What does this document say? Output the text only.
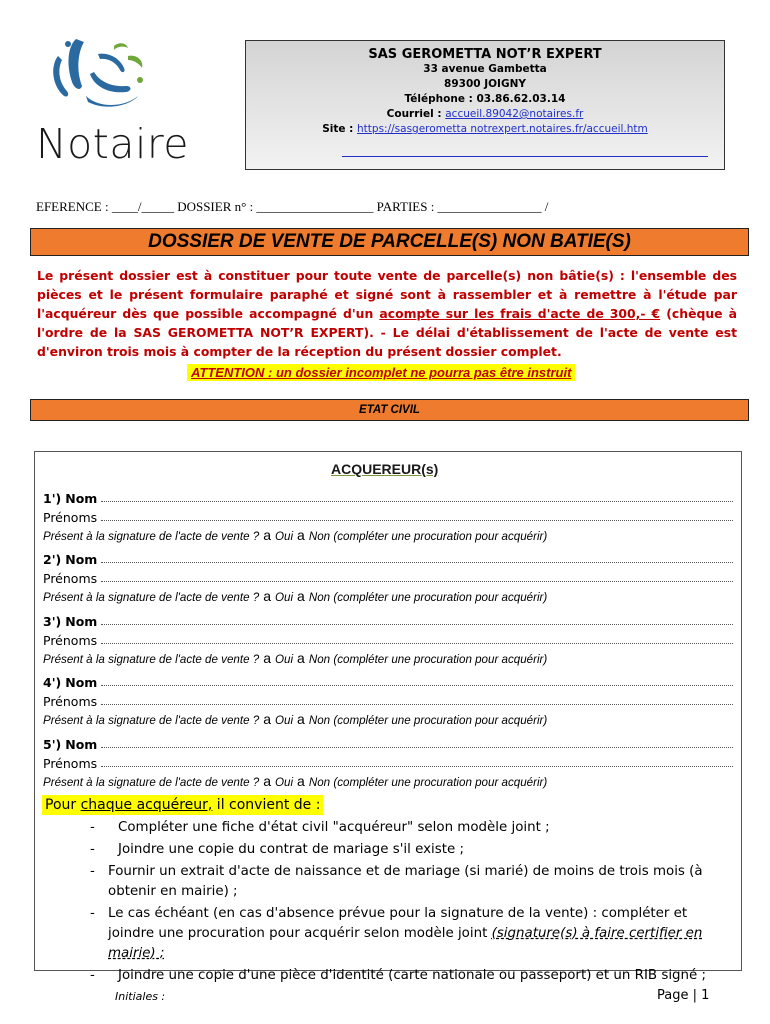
Notaire
SAS GEROMETTA NOT’R EXPERT
33 avenue Gambetta
89300 JOIGNY
Téléphone : 03.86.62.03.14
Courriel : accueil.89042@notaires.fr
Site : https://sasgerometta notrexpert.notaires.fr/accueil.htm
EFERENCE : ____/_____ DOSSIER n° : __________________ PARTIES : ________________ /
DOSSIER DE VENTE DE PARCELLE(S) NON BATIE(S)
Le présent dossier est à constituer pour toute vente de parcelle(s) non bâtie(s) : l'ensemble des pièces et le présent formulaire paraphé et signé sont à rassembler et à remettre à l'étude par l'acquéreur dès que possible accompagné d'un acompte sur les frais d'acte de 300,- € (chèque à l'ordre de la SAS GEROMETTA NOT’R EXPERT). - Le délai d'établissement de l'acte de vente est d'environ trois mois à compter de la réception du présent dossier complet.
ATTENTION : un dossier incomplet ne pourra pas être instruit
ETAT CIVIL
ACQUEREUR(s)
1') Nom
Prénoms
Présent à la signature de l'acte de vente ? a Oui a Non (compléter une procuration pour acquérir)
2') Nom
Prénoms
Présent à la signature de l'acte de vente ? a Oui a Non (compléter une procuration pour acquérir)
3') Nom
Prénoms
Présent à la signature de l'acte de vente ? a Oui a Non (compléter une procuration pour acquérir)
4') Nom
Prénoms
Présent à la signature de l'acte de vente ? a Oui a Non (compléter une procuration pour acquérir)
5') Nom
Prénoms
Présent à la signature de l'acte de vente ? a Oui a Non (compléter une procuration pour acquérir)
Pour chaque acquéreur, il convient de :
- Compléter une fiche d'état civil "acquéreur" selon modèle joint ;
- Joindre une copie du contrat de mariage s'il existe ;
- Fournir un extrait d'acte de naissance et de mariage (si marié) de moins de trois mois (à obtenir en mairie) ;
- Le cas échéant (en cas d'absence prévue pour la signature de la vente) : compléter et joindre une procuration pour acquérir selon modèle joint (signature(s) à faire certifier en mairie) ;
- Joindre une copie d'une pièce d'identité (carte nationale ou passeport) et un RIB signé ;
Initiales :	Page | 1
